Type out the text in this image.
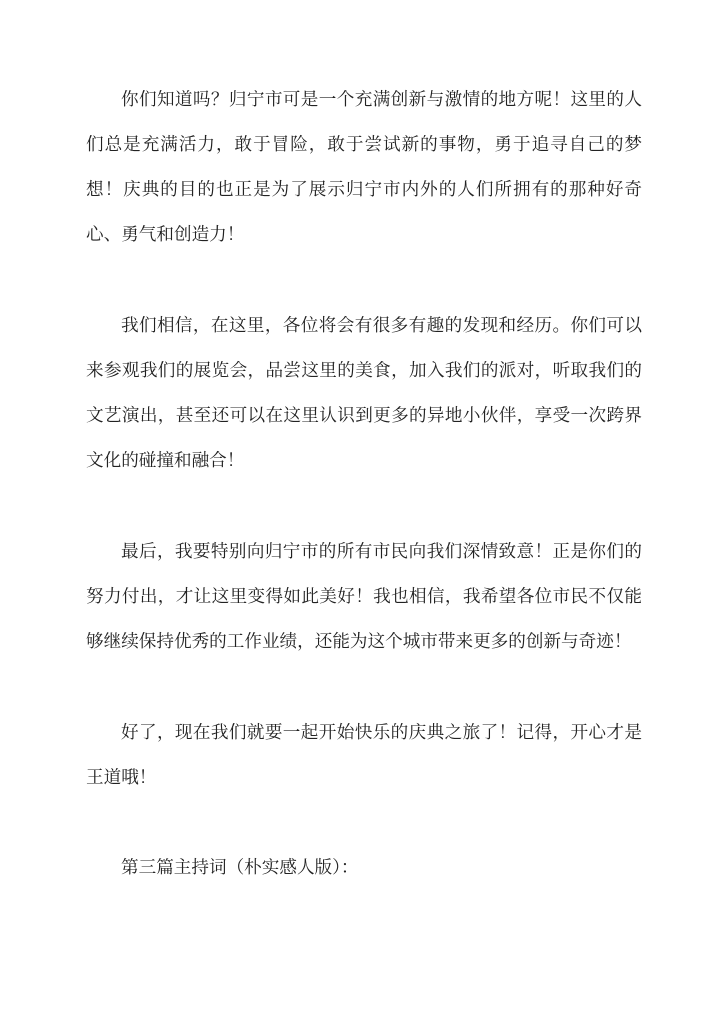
你们知道吗？归宁市可是一个充满创新与激情的地方呢！这里的人们总是充满活力，敢于冒险，敢于尝试新的事物，勇于追寻自己的梦想！庆典的目的也正是为了展示归宁市内外的人们所拥有的那种好奇心、勇气和创造力！

我们相信，在这里，各位将会有很多有趣的发现和经历。你们可以来参观我们的展览会，品尝这里的美食，加入我们的派对，听取我们的文艺演出，甚至还可以在这里认识到更多的异地小伙伴，享受一次跨界文化的碰撞和融合！

最后，我要特别向归宁市的所有市民向我们深情致意！正是你们的努力付出，才让这里变得如此美好！我也相信，我希望各位市民不仅能够继续保持优秀的工作业绩，还能为这个城市带来更多的创新与奇迹！

好了，现在我们就要一起开始快乐的庆典之旅了！记得，开心才是王道哦！

第三篇主持词（朴实感人版）：
